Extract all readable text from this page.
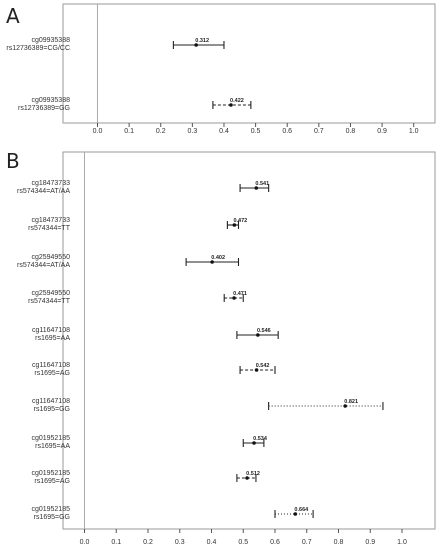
A
B
0.0	0.1	0.2	0.3	0.4	0.5	0.6	0.7	0.8	0.9	1.0
cg09935388
rs12736389=CG/CC
0.312
cg09935388
rs12736389=GG
0.422
0.0	0.1	0.2	0.3	0.4	0.5	0.6	0.7	0.8	0.9	1.0
cg18473733
rs574344=AT/AA
0.541
cg18473733
rs574344=TT
0.472
cg25949550
rs574344=AT/AA
0.402
cg25949550
rs574344=TT
0.471
cg11647108
rs1695=AA
0.546
cg11647108
rs1695=AG
0.542
cg11647108
rs1695=GG
0.821
cg01952185
rs1695=AA
0.534
cg01952185
rs1695=AG
0.512
cg01952185
rs1695=GG
0.664
